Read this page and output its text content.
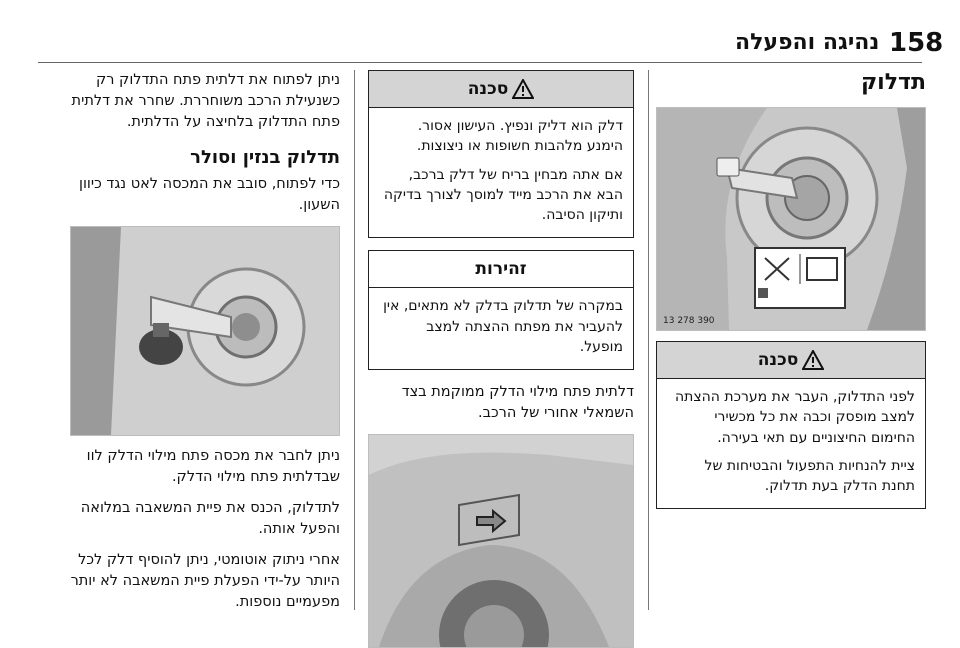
158
נהיגה והפעלה
תדלוק
13 278 390
סכנה

לפני התדלוק, העבר את מערכת ההצתה למצב מופסק וכבה את כל מכשירי החימום החיצוניים עם תאי בעירה.

ציית להנחיות התפעול והבטיחות של תחנת הדלק בעת תדלוק.

סכנה

דלק הוא דליק ונפיץ. העישון אסור. הימנע מלהבות חשופות או ניצוצות.

אם אתה מבחין בריח של דלק ברכב, הבא את הרכב מייד למוסך לצורך בדיקה ותיקון הסיבה.

זהירות

במקרה של תדלוק בדלק לא מתאים, אין להעביר את מפתח ההצתה למצב מופעל.

דלתית פתח מילוי הדלק ממוקמת בצד השמאלי אחורי של הרכב.

ניתן לפתוח את דלתית פתח התדלוק רק כשנעילת הרכב משוחררת. שחרר את דלתית פתח התדלוק בלחיצה על הדלתית.

תדלוק בנזין וסולר

כדי לפתוח, סובב את המכסה לאט נגד כיוון השעון.

ניתן לחבר את מכסה פתח מילוי הדלק לוו שבדלתית פתח מילוי הדלק.

לתדלוק, הכנס את פיית המשאבה במלואה והפעל אותה.

אחרי ניתוק אוטומטי, ניתן להוסיף דלק לכל היותר על-ידי הפעלת פיית המשאבה לא יותר מפעמיים נוספות.
